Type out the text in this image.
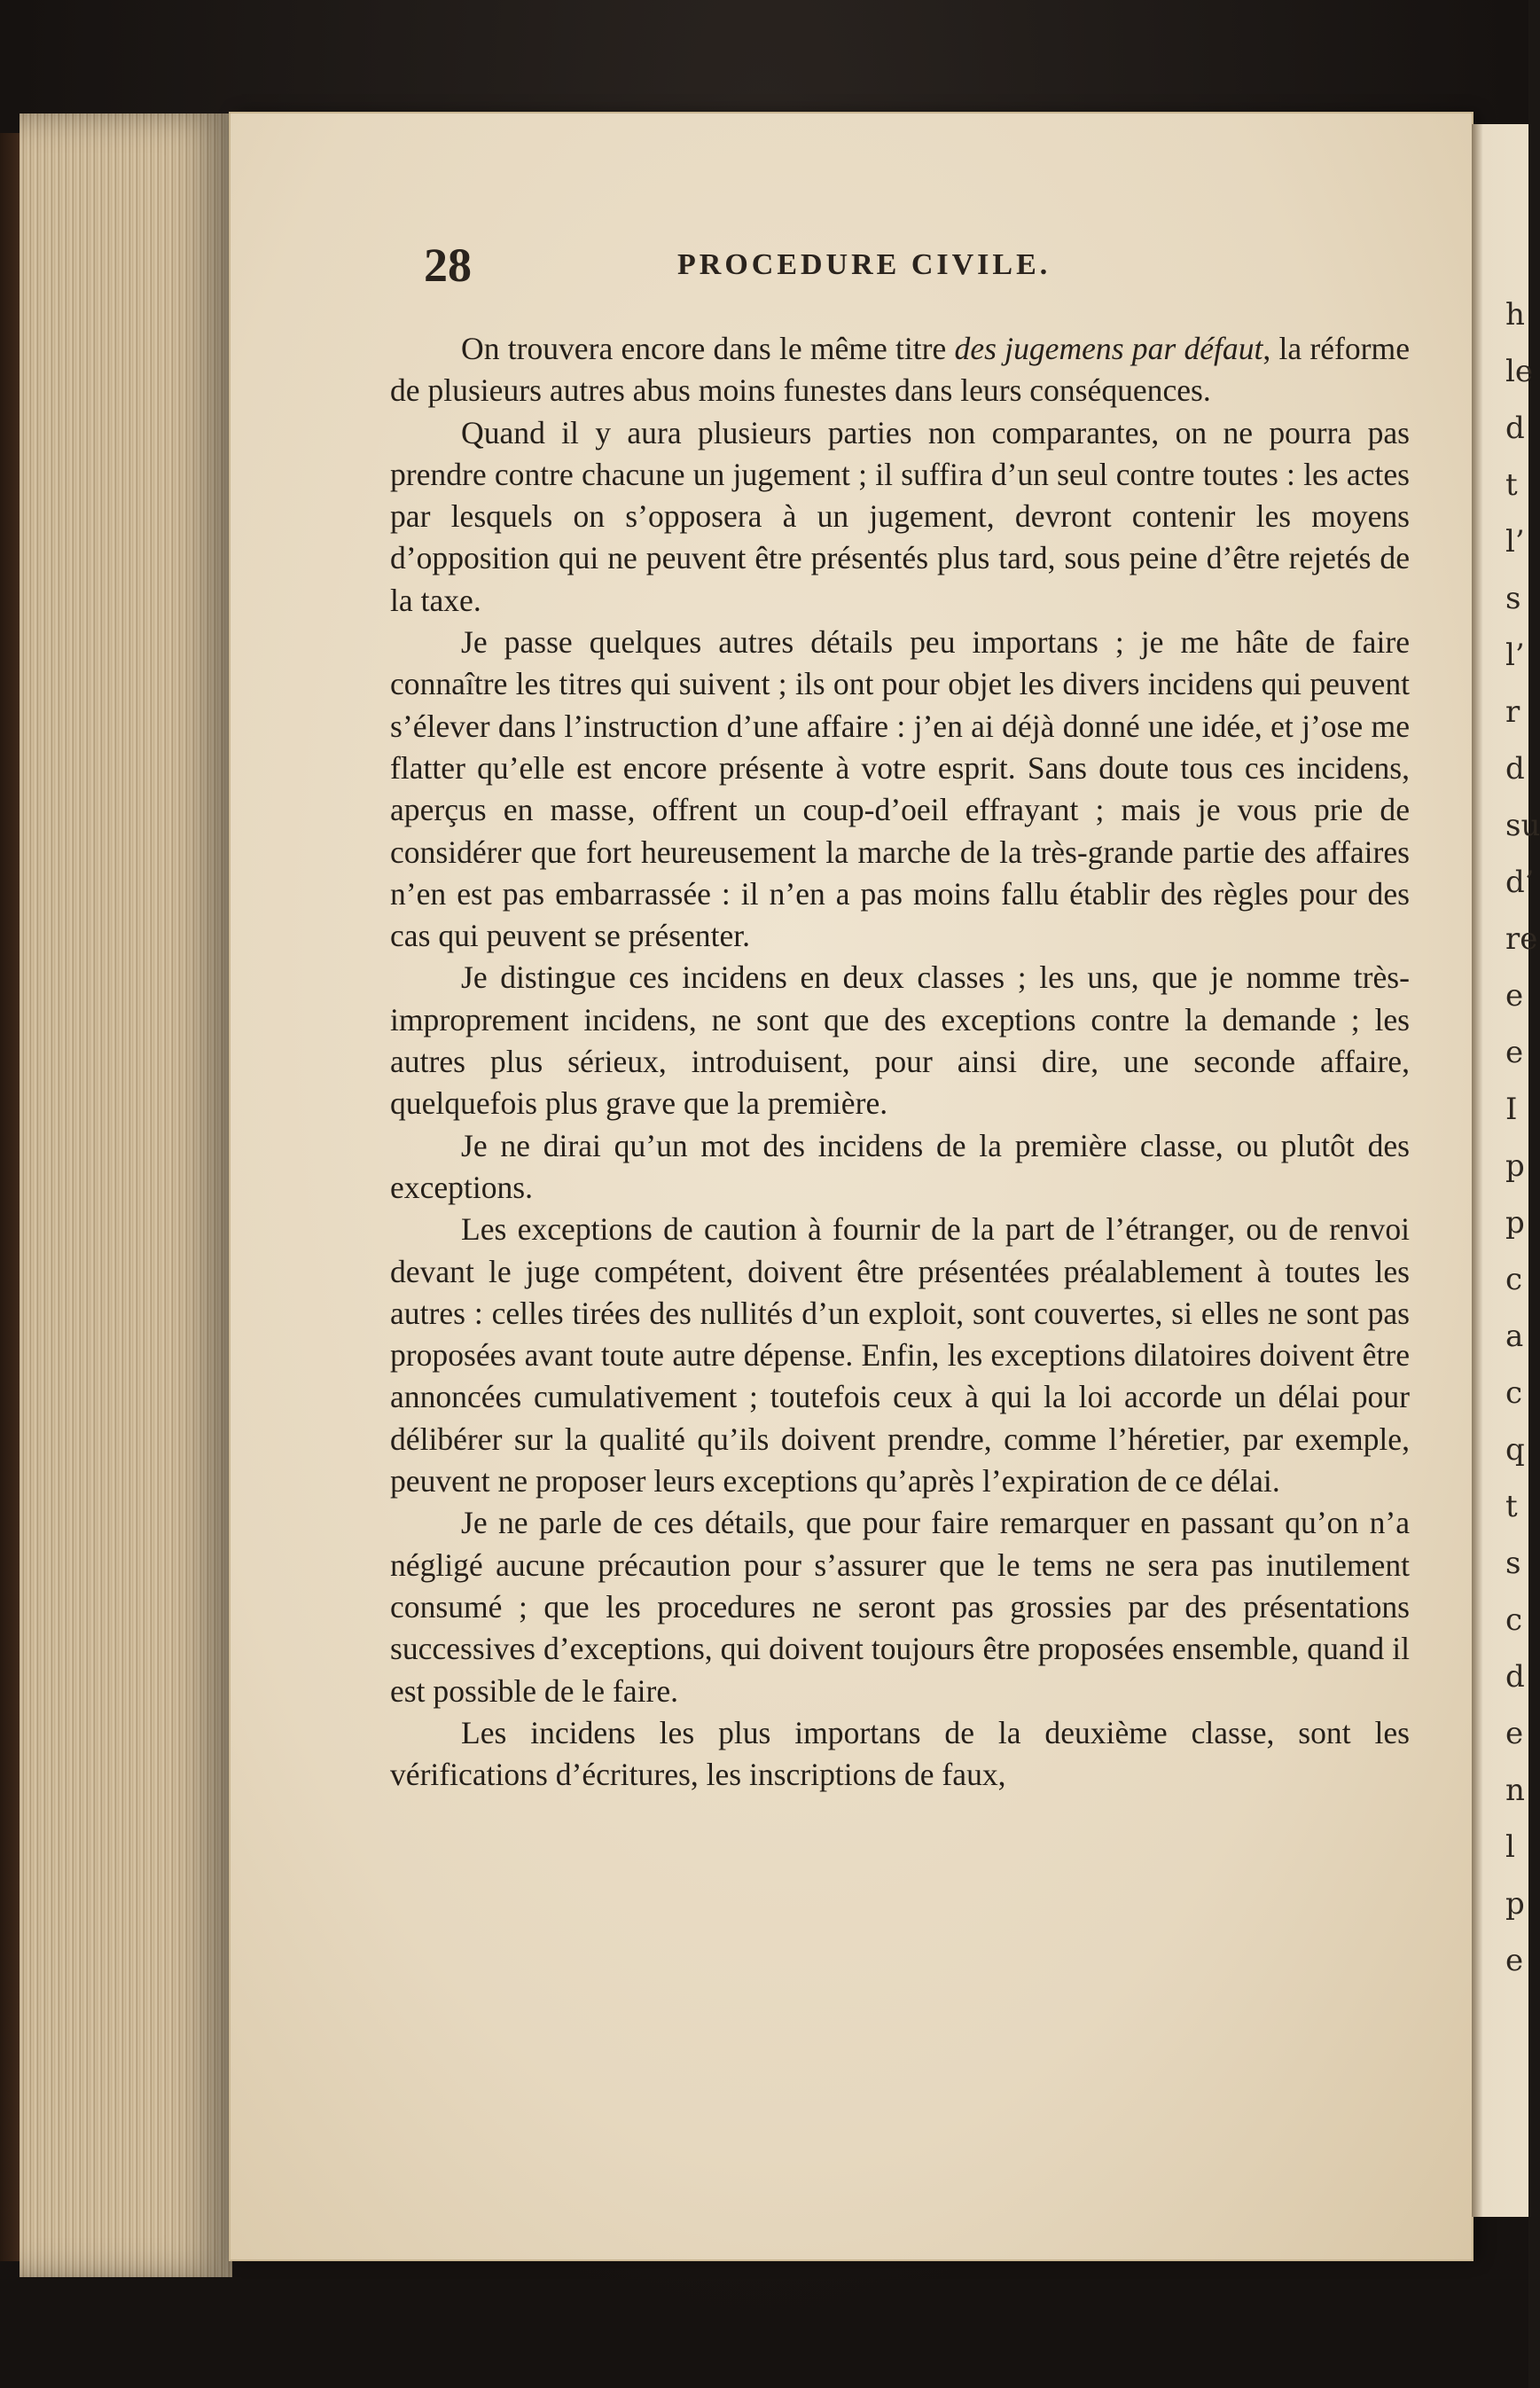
h
le
d
t
l’
s
l’
r
d
su
d’
re
e
e
I
p
p
c
a
c
q
t
s
c
d
e
n
l
p
e
28	PROCEDURE CIVILE.

On trouvera encore dans le même titre des jugemens par défaut, la réforme de plusieurs autres abus moins funestes dans leurs conséquences.

Quand il y aura plusieurs parties non comparantes, on ne pourra pas prendre contre chacune un jugement ; il suffira d’un seul contre toutes : les actes par lesquels on s’opposera à un jugement, devront contenir les moyens d’opposition qui ne peuvent être présentés plus tard, sous peine d’être rejetés de la taxe.

Je passe quelques autres détails peu importans ; je me hâte de faire connaître les titres qui suivent ; ils ont pour objet les divers incidens qui peuvent s’élever dans l’instruction d’une affaire : j’en ai déjà donné une idée, et j’ose me flatter qu’elle est encore présente à votre esprit. Sans doute tous ces incidens, aperçus en masse, offrent un coup-d’oeil effrayant ; mais je vous prie de considérer que fort heureusement la marche de la très-grande partie des affaires n’en est pas embarrassée : il n’en a pas moins fallu établir des règles pour des cas qui peuvent se présenter.

Je distingue ces incidens en deux classes ; les uns, que je nomme très-improprement incidens, ne sont que des exceptions contre la demande ; les autres plus sérieux, introduisent, pour ainsi dire, une seconde affaire, quelquefois plus grave que la première.

Je ne dirai qu’un mot des incidens de la première classe, ou plutôt des exceptions.

Les exceptions de caution à fournir de la part de l’étranger, ou de renvoi devant le juge compétent, doivent être présentées préalablement à toutes les autres : celles tirées des nullités d’un exploit, sont couvertes, si elles ne sont pas proposées avant toute autre dépense. Enfin, les exceptions dilatoires doivent être annoncées cumulativement ; toutefois ceux à qui la loi accorde un délai pour délibérer sur la qualité qu’ils doivent prendre, comme l’héretier, par exemple, peuvent ne proposer leurs exceptions qu’après l’expiration de ce délai.

Je ne parle de ces détails, que pour faire remarquer en passant qu’on n’a négligé aucune précaution pour s’assurer que le tems ne sera pas inutilement consumé ; que les procedures ne seront pas grossies par des présentations successives d’exceptions, qui doivent toujours être proposées ensemble, quand il est possible de le faire.

Les incidens les plus importans de la deuxième classe, sont les vérifications d’écritures, les inscriptions de faux,
